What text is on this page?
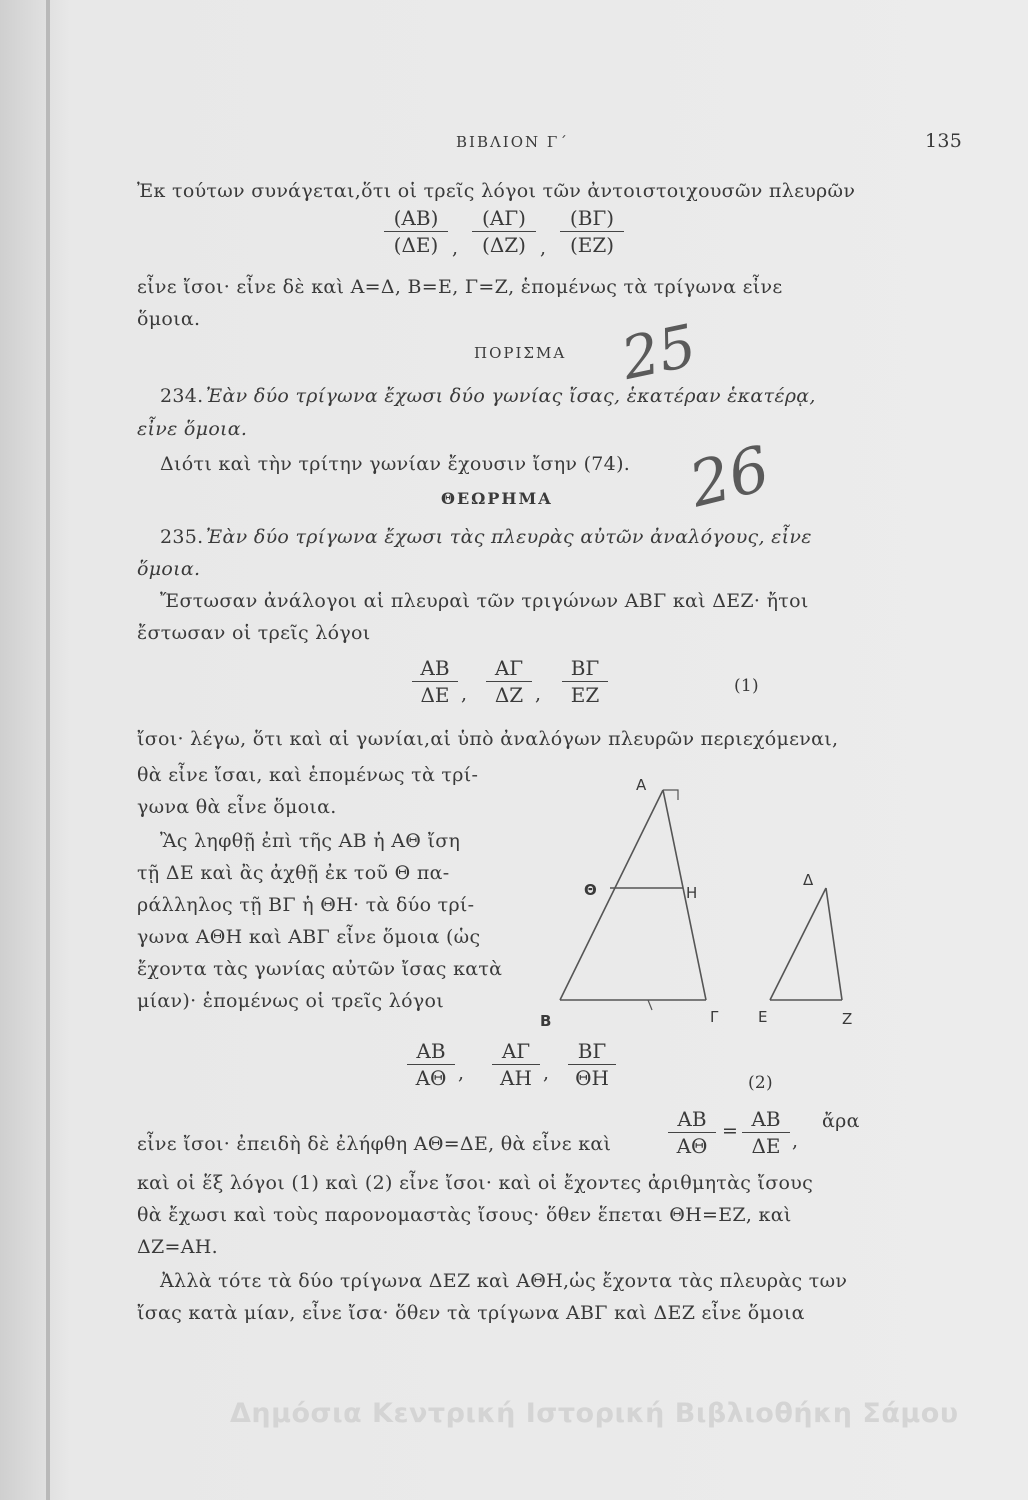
ΒΙΒΛΙΟΝ Γ΄	135
Ἐκ τούτων συνάγεται,ὅτι οἱ τρεῖς λόγοι τῶν ἀντοιστοιχουσῶν πλευρῶν
(ΑΒ)
(ΔΕ) ,
(ΑΓ)
(ΔΖ) ,
(ΒΓ)
(ΕΖ)
εἶνε ἴσοι· εἶνε δὲ καὶ Α=Δ, Β=Ε, Γ=Ζ, ἑπομένως τὰ τρίγωνα εἶνε
ὅμοια.
ΠΟΡΙΣΜΑ
234. Ἐὰν δύο τρίγωνα ἔχωσι δύο γωνίας ἴσας, ἑκατέραν ἑκατέρᾳ,
εἶνε ὅμοια.
Διότι καὶ τὴν τρίτην γωνίαν ἔχουσιν ἴσην (74).
ΘΕΩΡΗΜΑ
235. Ἐὰν δύο τρίγωνα ἔχωσι τὰς πλευρὰς αὐτῶν ἀναλόγους, εἶνε
ὅμοια.
Ἔστωσαν ἀνάλογοι αἱ πλευραὶ τῶν τριγώνων ΑΒΓ καὶ ΔΕΖ· ἤτοι
ἔστωσαν οἱ τρεῖς λόγοι
ΑΒ
ΔΕ ,
ΑΓ
ΔΖ ,
ΒΓ
ΕΖ	(1)
ἴσοι· λέγω, ὅτι καὶ αἱ γωνίαι,αἱ ὑπὸ ἀναλόγων πλευρῶν περιεχόμεναι,
θὰ εἶνε ἴσαι, καὶ ἑπομένως τὰ τρί-
γωνα θὰ εἶνε ὅμοια.
Ἂς ληφθῇ ἐπὶ τῆς ΑΒ ἡ ΑΘ ἴση
τῇ ΔΕ καὶ ἂς ἀχθῇ ἐκ τοῦ Θ πα-
ράλληλος τῇ ΒΓ ἡ ΘΗ· τὰ δύο τρί-
γωνα ΑΘΗ καὶ ΑΒΓ εἶνε ὅμοια (ὡς
ἔχοντα τὰς γωνίας αὐτῶν ἴσας κατὰ
μίαν)· ἑπομένως οἱ τρεῖς λόγοι
ΑΒ
ΑΘ ,
ΑΓ
ΑΗ ,
ΒΓ
ΘΗ	(2)
εἶνε ἴσοι· ἐπειδὴ δὲ ἐλήφθη ΑΘ=ΔΕ, θὰ εἶνε καὶ
ΑΒ
ΑΘ
= ΑΒ
ΔΕ ,
ἄρα
καὶ οἱ ἕξ λόγοι (1) καὶ (2) εἶνε ἴσοι· καὶ οἱ ἔχοντες ἀριθμητὰς ἴσους
θὰ ἔχωσι καὶ τοὺς παρονομαστὰς ἴσους· ὅθεν ἕπεται ΘΗ=ΕΖ, καὶ
ΔΖ=ΑΗ.
Ἀλλὰ τότε τὰ δύο τρίγωνα ΔΕΖ καὶ ΑΘΗ,ὡς ἔχοντα τὰς πλευρὰς των
ἴσας κατὰ μίαν, εἶνε ἴσα· ὅθεν τὰ τρίγωνα ΑΒΓ καὶ ΔΕΖ εἶνε ὅμοια
Α
Β	Γ
Θ	Η
Δ
Ε	Ζ
25
26
Δημόσια Κεντρική Ιστορική Βιβλιοθήκη Σάμου
